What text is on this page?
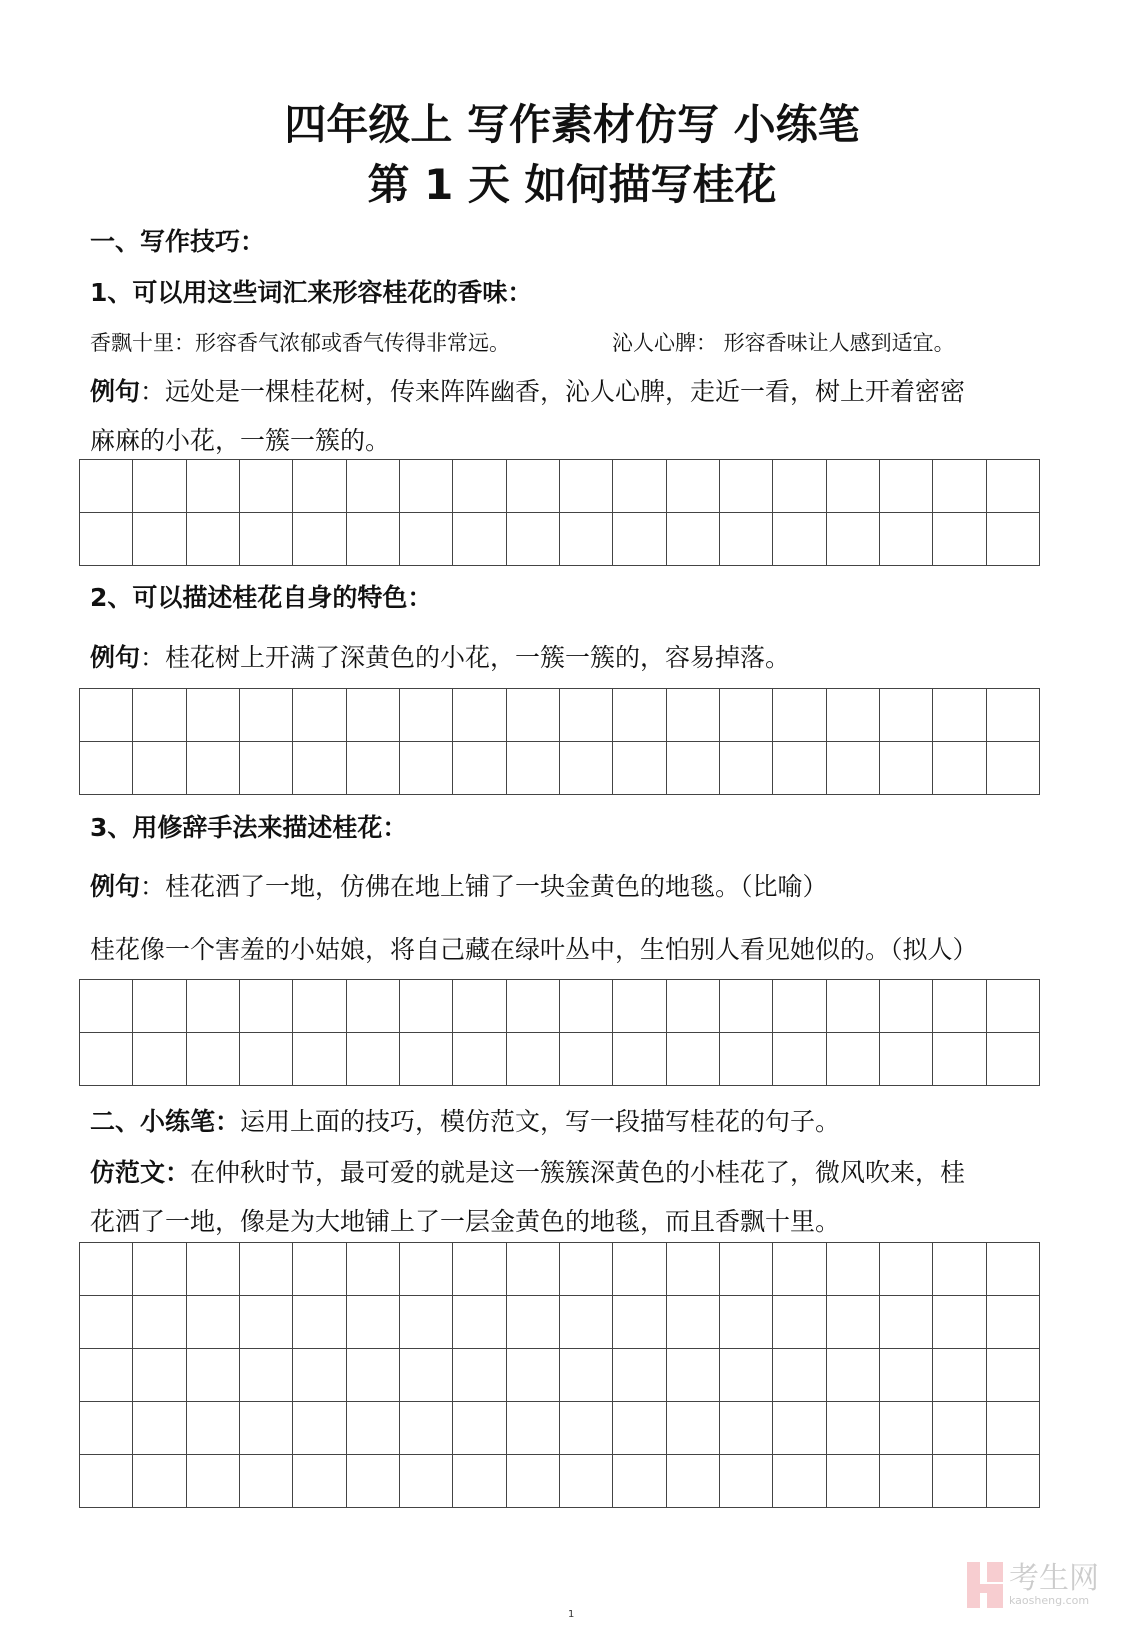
四年级上 写作素材仿写 小练笔
第 1 天 如何描写桂花
一、写作技巧：
1、可以用这些词汇来形容桂花的香味：
香飘十里：形容香气浓郁或香气传得非常远。	沁人心脾： 形容香味让人感到适宜。
例句：远处是一棵桂花树，传来阵阵幽香，沁人心脾，走近一看，树上开着密密
麻麻的小花，一簇一簇的。
2、可以描述桂花自身的特色：
例句：桂花树上开满了深黄色的小花，一簇一簇的，容易掉落。
3、用修辞手法来描述桂花：
例句：桂花洒了一地，仿佛在地上铺了一块金黄色的地毯。（比喻）
桂花像一个害羞的小姑娘，将自己藏在绿叶丛中，生怕别人看见她似的。（拟人）
二、小练笔：运用上面的技巧，模仿范文，写一段描写桂花的句子。
仿范文：在仲秋时节，最可爱的就是这一簇簇深黄色的小桂花了，微风吹来，桂
花洒了一地，像是为大地铺上了一层金黄色的地毯，而且香飘十里。
1
考生网
kaosheng.com
